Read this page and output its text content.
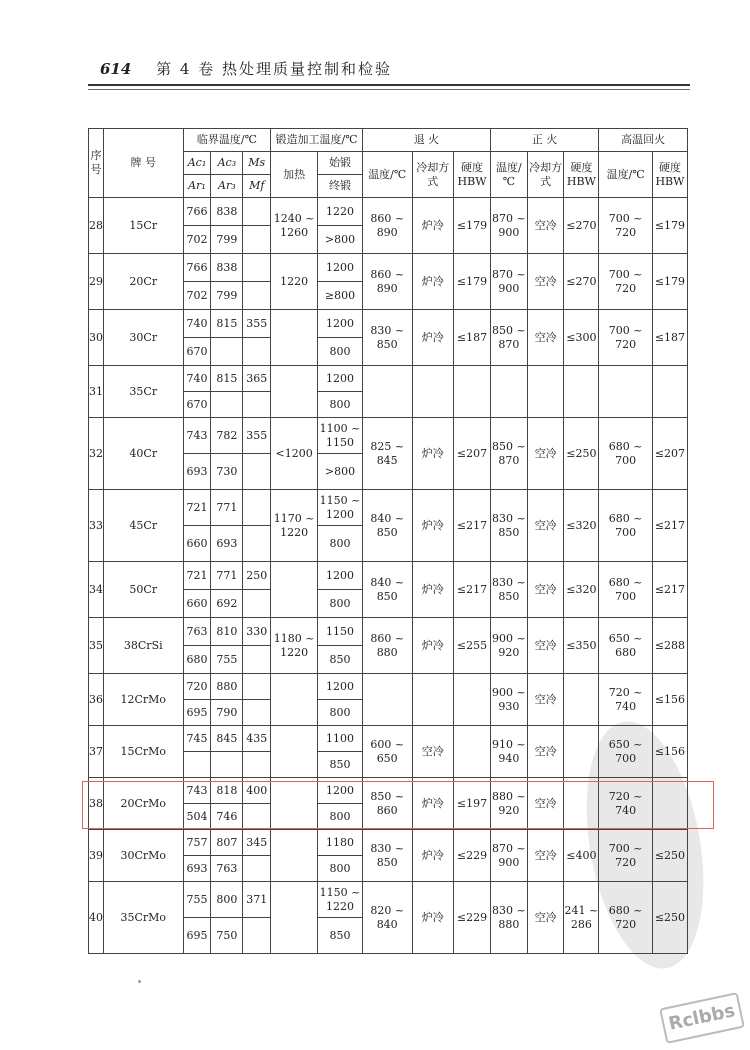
614 第 4 卷 热处理质量控制和检验
序号	牌 号	临界温度/℃			锻造加工温度/℃		退 火			正 火			高温回火	
		Ac₁	Ac₃	Ms	加热	始锻	温度/℃	冷却方式	硬度HBW	温度/℃	冷却方式	硬度HBW	温度/℃	硬度HBW
		Ar₁	Ar₃	Mf		终锻								
28	15Cr	766	838		1240 ~ 1260	1220	860 ~ 890	炉冷	≤179	870 ~ 900	空冷	≤270	700 ~ 720	≤179
		702	799			>800								
29	20Cr	766	838		1220	1200	860 ~ 890	炉冷	≤179	870 ~ 900	空冷	≤270	700 ~ 720	≤179
		702	799			≥800								
30	30Cr	740	815	355		1200	830 ~ 850	炉冷	≤187	850 ~ 870	空冷	≤300	700 ~ 720	≤187
		670				800								
31	35Cr	740	815	365		1200								
		670				800								
32	40Cr	743	782	355	<1200	1100 ~ 1150	825 ~ 845	炉冷	≤207	850 ~ 870	空冷	≤250	680 ~ 700	≤207
		693	730			>800								
33	45Cr	721	771		1170 ~ 1220	1150 ~ 1200	840 ~ 850	炉冷	≤217	830 ~ 850	空冷	≤320	680 ~ 700	≤217
		660	693			800								
34	50Cr	721	771	250		1200	840 ~ 850	炉冷	≤217	830 ~ 850	空冷	≤320	680 ~ 700	≤217
		660	692			800								
35	38CrSi	763	810	330	1180 ~ 1220	1150	860 ~ 880	炉冷	≤255	900 ~ 920	空冷	≤350	650 ~ 680	≤288
		680	755			850								
36	12CrMo	720	880			1200				900 ~ 930	空冷		720 ~ 740	≤156
		695	790			800								
37	15CrMo	745	845	435		1100	600 ~ 650	空冷		910 ~ 940	空冷		650 ~ 700	≤156
						850								
38	20CrMo	743	818	400		1200	850 ~ 860	炉冷	≤197	880 ~ 920	空冷		720 ~ 740	
		504	746			800								
39	30CrMo	757	807	345		1180	830 ~ 850	炉冷	≤229	870 ~ 900	空冷	≤400	700 ~ 720	≤250
		693	763			800								
40	35CrMo	755	800	371		1150 ~ 1220	820 ~ 840	炉冷	≤229	830 ~ 880	空冷	241 ~ 286	680 ~ 720	≤250
		695	750			850								
Rclbbs
